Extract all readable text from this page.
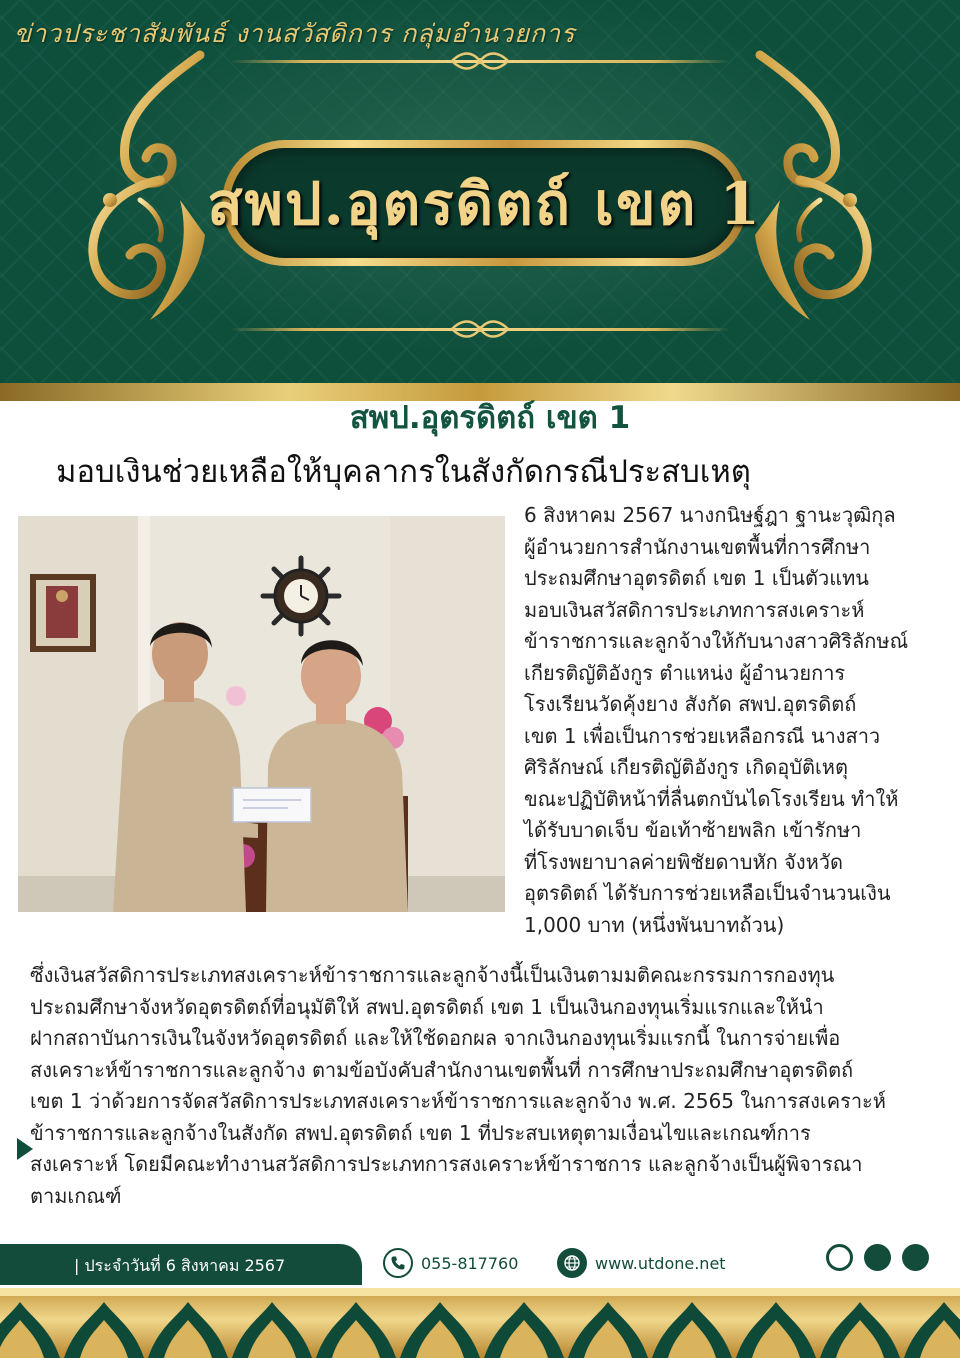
ข่าวประชาสัมพันธ์ งานสวัสดิการ กลุ่มอำนวยการ
สพป.อุตรดิตถ์ เขต 1
สพป.อุตรดิตถ์ เขต 1
มอบเงินช่วยเหลือให้บุคลากรในสังกัดกรณีประสบเหตุ

6 สิงหาคม 2567 นางกนิษฐ์ฎา ฐานะวุฒิกุล

ผู้อำนวยการสำนักงานเขตพื้นที่การศึกษา

ประถมศึกษาอุตรดิตถ์ เขต 1 เป็นตัวแทน

มอบเงินสวัสดิการประเภทการสงเคราะห์

ข้าราชการและลูกจ้างให้กับนางสาวศิริลักษณ์

เกียรติญัติอังกูร ตำแหน่ง ผู้อำนวยการ

โรงเรียนวัดคุ้งยาง สังกัด สพป.อุตรดิตถ์

เขต 1 เพื่อเป็นการช่วยเหลือกรณี นางสาว

ศิริลักษณ์ เกียรติญัติอังกูร เกิดอุบัติเหตุ

ขณะปฏิบัติหน้าที่ลื่นตกบันไดโรงเรียน ทำให้

ได้รับบาดเจ็บ ข้อเท้าซ้ายพลิก เข้ารักษา

ที่โรงพยาบาลค่ายพิชัยดาบหัก จังหวัด

อุตรดิตถ์ ได้รับการช่วยเหลือเป็นจำนวนเงิน

1,000 บาท (หนึ่งพันบาทถ้วน)

ซึ่งเงินสวัสดิการประเภทสงเคราะห์ข้าราชการและลูกจ้างนี้เป็นเงินตามมติคณะกรรมการกองทุน

ประถมศึกษาจังหวัดอุตรดิตถ์ที่อนุมัติให้ สพป.อุตรดิตถ์ เขต 1 เป็นเงินกองทุนเริ่มแรกและให้นำ

ฝากสถาบันการเงินในจังหวัดอุตรดิตถ์ และให้ใช้ดอกผล จากเงินกองทุนเริ่มแรกนี้ ในการจ่ายเพื่อ

สงเคราะห์ข้าราชการและลูกจ้าง ตามข้อบังคับสำนักงานเขตพื้นที่ การศึกษาประถมศึกษาอุตรดิตถ์

เขต 1 ว่าด้วยการจัดสวัสดิการประเภทสงเคราะห์ข้าราชการและลูกจ้าง พ.ศ. 2565 ในการสงเคราะห์

ข้าราชการและลูกจ้างในสังกัด สพป.อุตรดิตถ์ เขต 1 ที่ประสบเหตุตามเงื่อนไขและเกณฑ์การ

สงเคราะห์ โดยมีคณะทำงานสวัสดิการประเภทการสงเคราะห์ข้าราชการ และลูกจ้างเป็นผู้พิจารณา

ตามเกณฑ์

| ประจำวันที่ 6 สิงหาคม 2567	055-817760	www.utdone.net
